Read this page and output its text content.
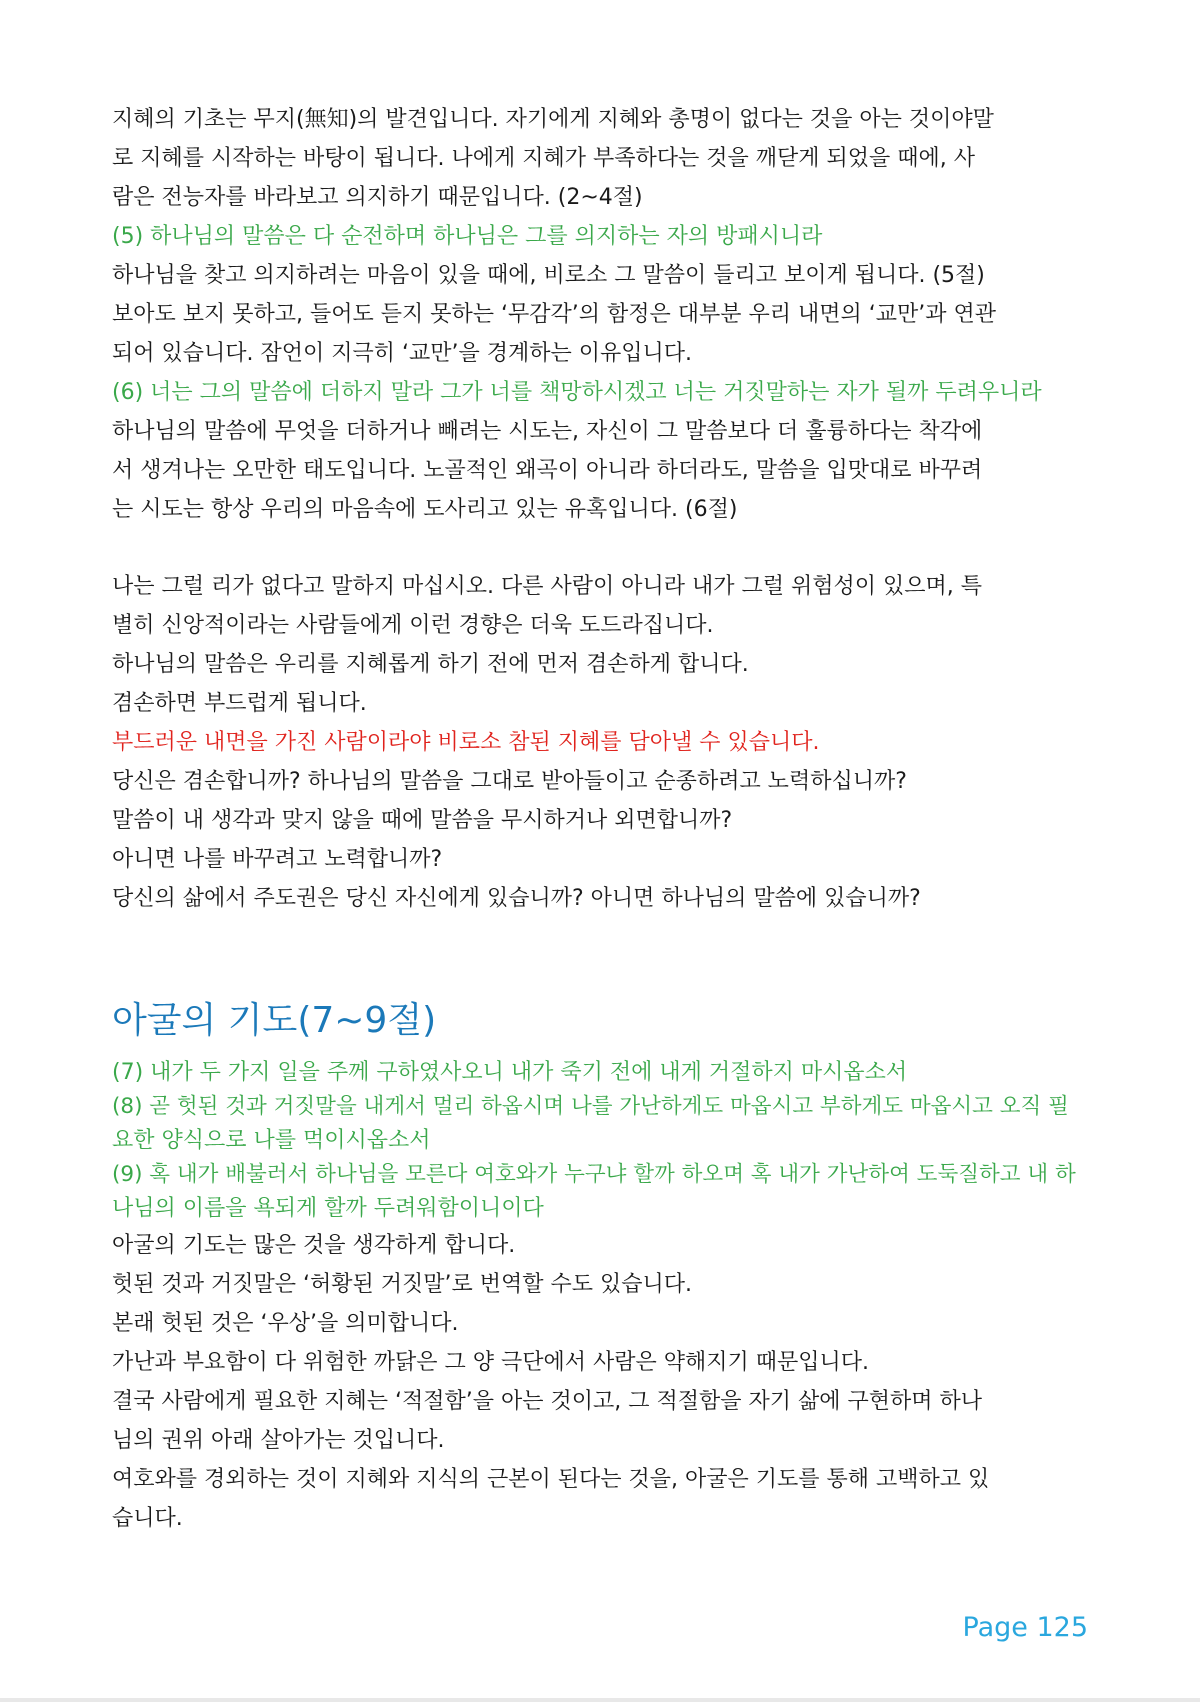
지혜의 기초는 무지(無知)의 발견입니다. 자기에게 지혜와 총명이 없다는 것을 아는 것이야말

로 지혜를 시작하는 바탕이 됩니다. 나에게 지혜가 부족하다는 것을 깨닫게 되었을 때에, 사

람은 전능자를 바라보고 의지하기 때문입니다. (2~4절)

(5) 하나님의 말씀은 다 순전하며 하나님은 그를 의지하는 자의 방패시니라

하나님을 찾고 의지하려는 마음이 있을 때에, 비로소 그 말씀이 들리고 보이게 됩니다. (5절)

보아도 보지 못하고, 들어도 듣지 못하는 ‘무감각’의 함정은 대부분 우리 내면의 ‘교만’과 연관

되어 있습니다. 잠언이 지극히 ‘교만’을 경계하는 이유입니다.

(6) 너는 그의 말씀에 더하지 말라 그가 너를 책망하시겠고 너는 거짓말하는 자가 될까 두려우니라

하나님의 말씀에 무엇을 더하거나 빼려는 시도는, 자신이 그 말씀보다 더 훌륭하다는 착각에

서 생겨나는 오만한 태도입니다. 노골적인 왜곡이 아니라 하더라도, 말씀을 입맛대로 바꾸려

는 시도는 항상 우리의 마음속에 도사리고 있는 유혹입니다. (6절)

나는 그럴 리가 없다고 말하지 마십시오. 다른 사람이 아니라 내가 그럴 위험성이 있으며, 특

별히 신앙적이라는 사람들에게 이런 경향은 더욱 도드라집니다.

하나님의 말씀은 우리를 지혜롭게 하기 전에 먼저 겸손하게 합니다.

겸손하면 부드럽게 됩니다.

부드러운 내면을 가진 사람이라야 비로소 참된 지혜를 담아낼 수 있습니다.

당신은 겸손합니까? 하나님의 말씀을 그대로 받아들이고 순종하려고 노력하십니까?

말씀이 내 생각과 맞지 않을 때에 말씀을 무시하거나 외면합니까?

아니면 나를 바꾸려고 노력합니까?

당신의 삶에서 주도권은 당신 자신에게 있습니까? 아니면 하나님의 말씀에 있습니까?

아굴의 기도(7~9절)

(7) 내가 두 가지 일을 주께 구하였사오니 내가 죽기 전에 내게 거절하지 마시옵소서

(8) 곧 헛된 것과 거짓말을 내게서 멀리 하옵시며 나를 가난하게도 마옵시고 부하게도 마옵시고 오직 필

요한 양식으로 나를 먹이시옵소서

(9) 혹 내가 배불러서 하나님을 모른다 여호와가 누구냐 할까 하오며 혹 내가 가난하여 도둑질하고 내 하

나님의 이름을 욕되게 할까 두려워함이니이다

아굴의 기도는 많은 것을 생각하게 합니다.

헛된 것과 거짓말은 ‘허황된 거짓말’로 번역할 수도 있습니다.

본래 헛된 것은 ‘우상’을 의미합니다.

가난과 부요함이 다 위험한 까닭은 그 양 극단에서 사람은 약해지기 때문입니다.

결국 사람에게 필요한 지혜는 ‘적절함’을 아는 것이고, 그 적절함을 자기 삶에 구현하며 하나

님의 권위 아래 살아가는 것입니다.

여호와를 경외하는 것이 지혜와 지식의 근본이 된다는 것을, 아굴은 기도를 통해 고백하고 있

습니다.

Page 125
